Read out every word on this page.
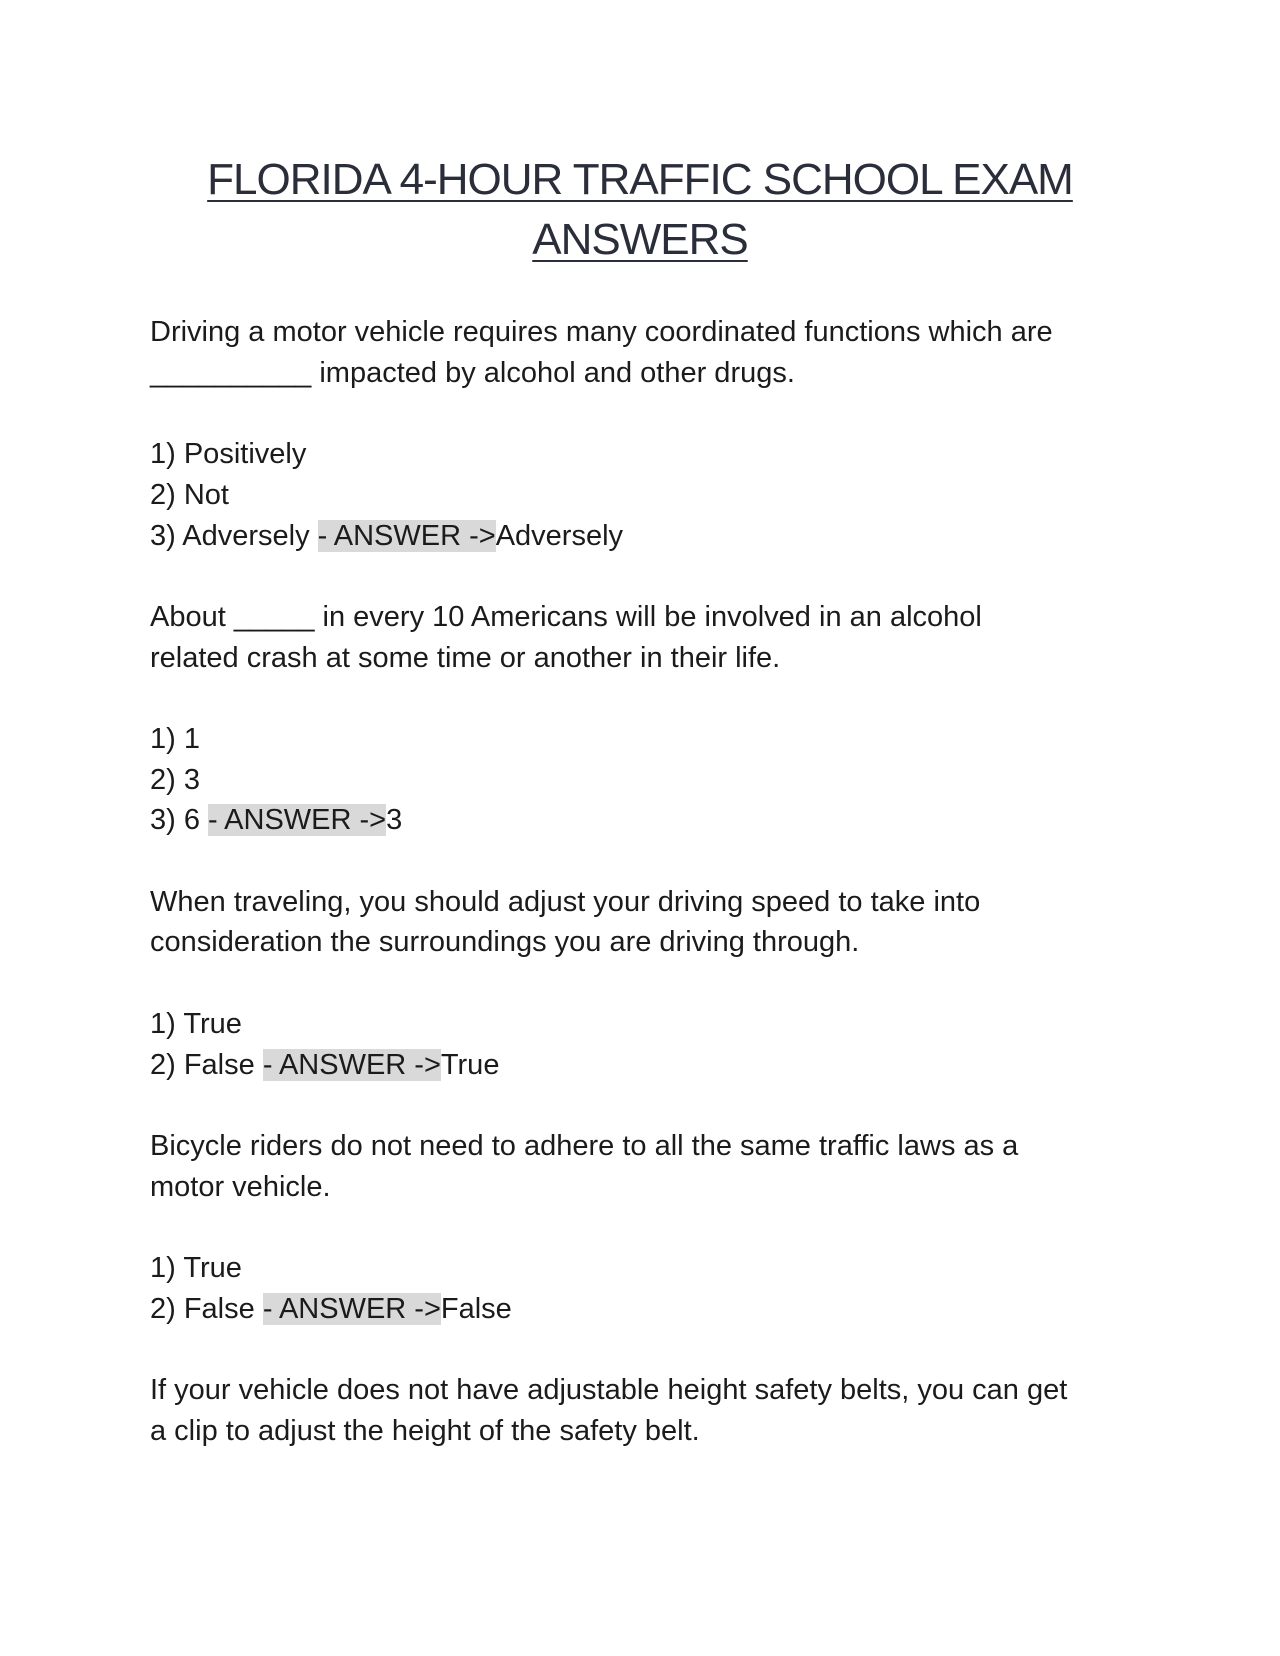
FLORIDA 4-HOUR TRAFFIC SCHOOL EXAM
ANSWERS

Driving a motor vehicle requires many coordinated functions which are
__________ impacted by alcohol and other drugs.

1) Positively
2) Not
3) Adversely - ANSWER ->Adversely

About _____ in every 10 Americans will be involved in an alcohol
related crash at some time or another in their life.

1) 1
2) 3
3) 6 - ANSWER ->3

When traveling, you should adjust your driving speed to take into
consideration the surroundings you are driving through.

1) True
2) False - ANSWER ->True

Bicycle riders do not need to adhere to all the same traffic laws as a
motor vehicle.

1) True
2) False - ANSWER ->False

If your vehicle does not have adjustable height safety belts, you can get
a clip to adjust the height of the safety belt.
